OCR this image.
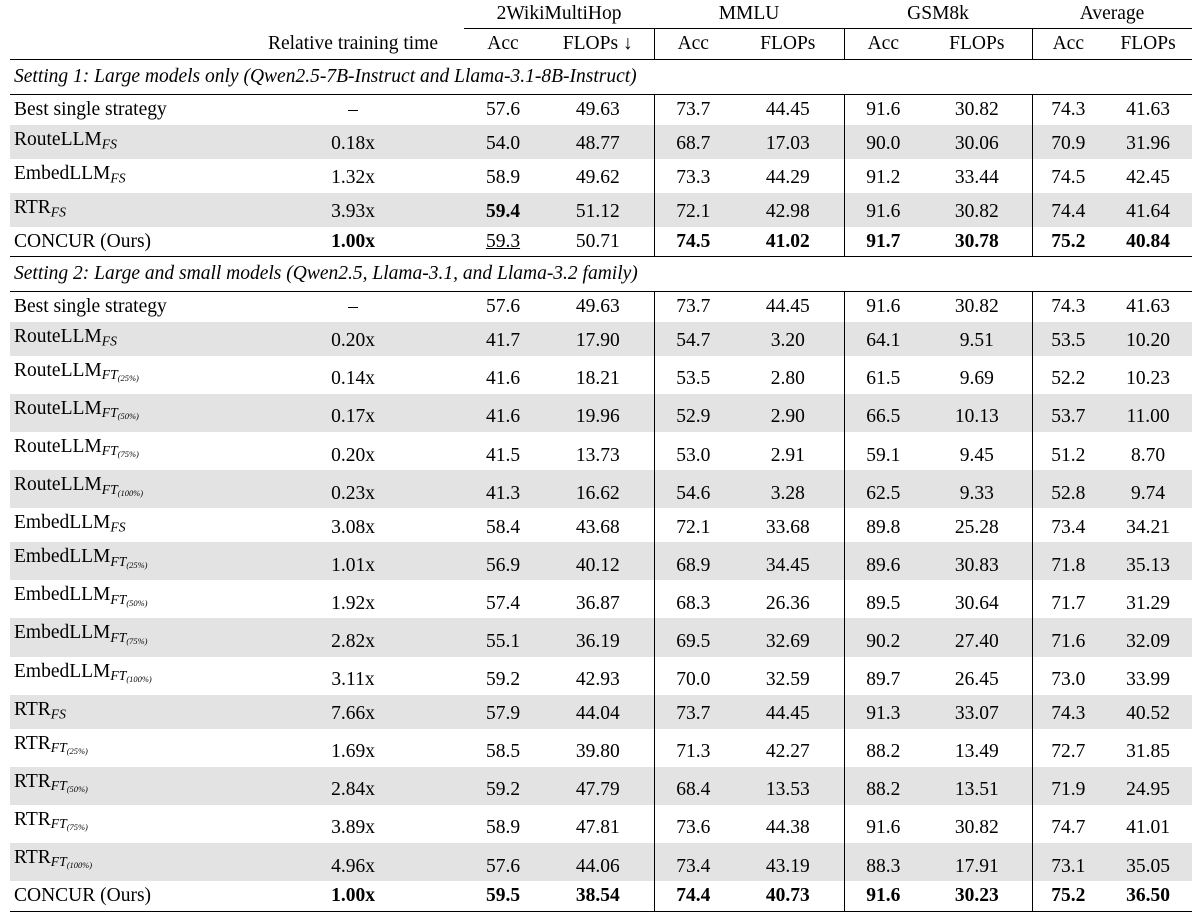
		2WikiMultiHop		MMLU		GSM8k		Average	
	Relative training time	Acc	FLOPs ↓	Acc	FLOPs	Acc	FLOPs	Acc	FLOPs
Setting 1: Large models only (Qwen2.5-7B-Instruct and Llama-3.1-8B-Instruct)									

Best single strategy	–	57.6	49.63	73.7	44.45	91.6	30.82	74.3	41.63
RouteLLM$_{FS}$	0.18x	54.0	48.77	68.7	17.03	90.0	30.06	70.9	31.96
EmbedLLM$_{FS}$	1.32x	58.9	49.62	73.3	44.29	91.2	33.44	74.5	42.45
$RTR_{FS}$	3.93x	59.4	51.12	72.1	42.98	91.6	30.82	74.4	41.64
CONCUR (Ours)	1.00x	59.3	50.71	74.5	41.02	91.7	30.78	75.2	40.84
Setting 2: Large and small models (Qwen2.5, Llama-3.1, and Llama-3.2 family)									

Best single strategy	–	57.6	49.63	73.7	44.45	91.6	30.82	74.3	41.63
RouteLLM$_{FS}$	0.20x	41.7	17.90	54.7	3.20	64.1	9.51	53.5	10.20
RouteLLM$_{FT(25\%)}$	0.14x	41.6	18.21	53.5	2.80	61.5	9.69	52.2	10.23
RouteLLM$_{FT(50\%)}$	0.17x	41.6	19.96	52.9	2.90	66.5	10.13	53.7	11.00
RouteLLM$_{FT(75\%)}$	0.20x	41.5	13.73	53.0	2.91	59.1	9.45	51.2	8.70
RouteLLM$_{FT(100\%)}$	0.23x	41.3	16.62	54.6	3.28	62.5	9.33	52.8	9.74
EmbedLLM$_{FS}$	3.08x	58.4	43.68	72.1	33.68	89.8	25.28	73.4	34.21
EmbedLLM$_{FT(25\%)}$	1.01x	56.9	40.12	68.9	34.45	89.6	30.83	71.8	35.13
EmbedLLM$_{FT(50\%)}$	1.92x	57.4	36.87	68.3	26.36	89.5	30.64	71.7	31.29
EmbedLLM$_{FT(75\%)}$	2.82x	55.1	36.19	69.5	32.69	90.2	27.40	71.6	32.09
EmbedLLM$_{FT(100\%)}$	3.11x	59.2	42.93	70.0	32.59	89.7	26.45	73.0	33.99
$RTR_{FS}$	7.66x	57.9	44.04	73.7	44.45	91.3	33.07	74.3	40.52
$RTR_{FT(25\%)}$	1.69x	58.5	39.80	71.3	42.27	88.2	13.49	72.7	31.85
$RTR_{FT(50\%)}$	2.84x	59.2	47.79	68.4	13.53	88.2	13.51	71.9	24.95
$RTR_{FT(75\%)}$	3.89x	58.9	47.81	73.6	44.38	91.6	30.82	74.7	41.01
$RTR_{FT(100\%)}$	4.96x	57.6	44.06	73.4	43.19	88.3	17.91	73.1	35.05
CONCUR (Ours)	1.00x	59.5	38.54	74.4	40.73	91.6	30.23	75.2	36.50
